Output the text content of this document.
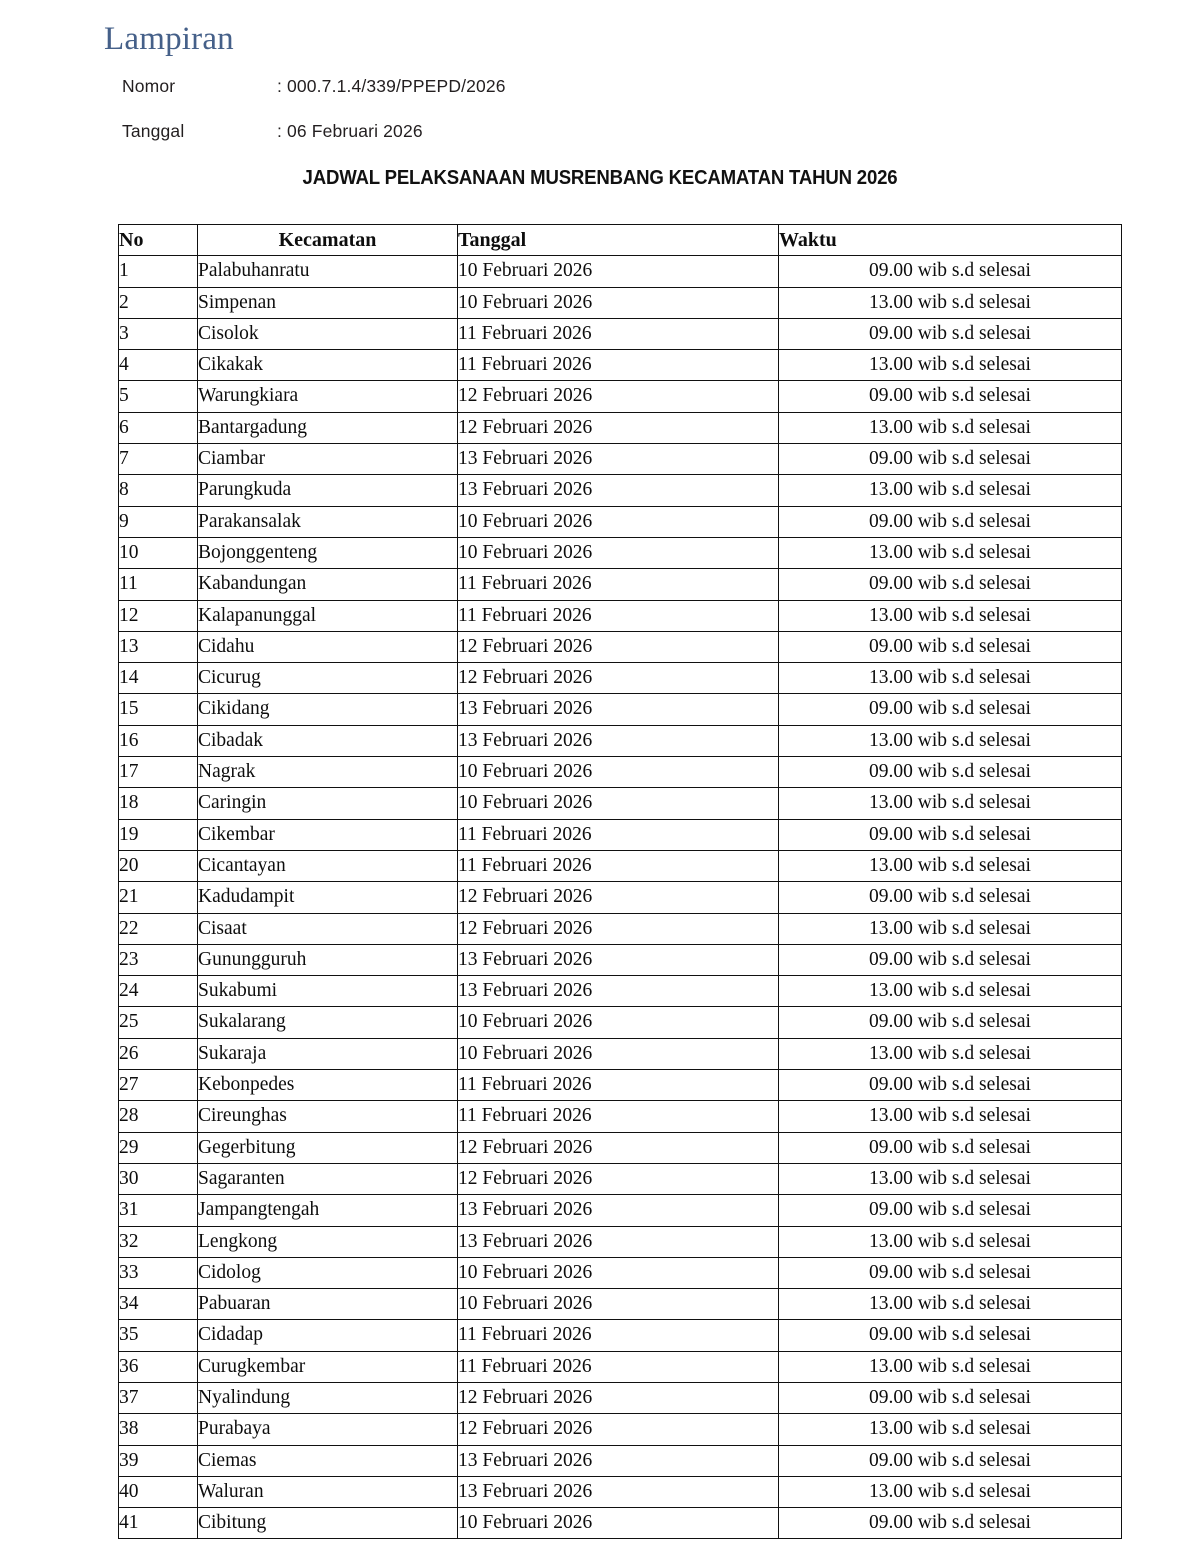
Lampiran
Nomor	: 000.7.1.4/339/PPEPD/2026
Tanggal	: 06 Februari 2026
JADWAL PELAKSANAAN MUSRENBANG KECAMATAN TAHUN 2026
No	Kecamatan	Tanggal	Waktu
1	Palabuhanratu	10 Februari 2026	09.00 wib s.d selesai
2	Simpenan	10 Februari 2026	13.00 wib s.d selesai
3	Cisolok	11 Februari 2026	09.00 wib s.d selesai
4	Cikakak	11 Februari 2026	13.00 wib s.d selesai
5	Warungkiara	12 Februari 2026	09.00 wib s.d selesai
6	Bantargadung	12 Februari 2026	13.00 wib s.d selesai
7	Ciambar	13 Februari 2026	09.00 wib s.d selesai
8	Parungkuda	13 Februari 2026	13.00 wib s.d selesai
9	Parakansalak	10 Februari 2026	09.00 wib s.d selesai
10	Bojonggenteng	10 Februari 2026	13.00 wib s.d selesai
11	Kabandungan	11 Februari 2026	09.00 wib s.d selesai
12	Kalapanunggal	11 Februari 2026	13.00 wib s.d selesai
13	Cidahu	12 Februari 2026	09.00 wib s.d selesai
14	Cicurug	12 Februari 2026	13.00 wib s.d selesai
15	Cikidang	13 Februari 2026	09.00 wib s.d selesai
16	Cibadak	13 Februari 2026	13.00 wib s.d selesai
17	Nagrak	10 Februari 2026	09.00 wib s.d selesai
18	Caringin	10 Februari 2026	13.00 wib s.d selesai
19	Cikembar	11 Februari 2026	09.00 wib s.d selesai
20	Cicantayan	11 Februari 2026	13.00 wib s.d selesai
21	Kadudampit	12 Februari 2026	09.00 wib s.d selesai
22	Cisaat	12 Februari 2026	13.00 wib s.d selesai
23	Gunungguruh	13 Februari 2026	09.00 wib s.d selesai
24	Sukabumi	13 Februari 2026	13.00 wib s.d selesai
25	Sukalarang	10 Februari 2026	09.00 wib s.d selesai
26	Sukaraja	10 Februari 2026	13.00 wib s.d selesai
27	Kebonpedes	11 Februari 2026	09.00 wib s.d selesai
28	Cireunghas	11 Februari 2026	13.00 wib s.d selesai
29	Gegerbitung	12 Februari 2026	09.00 wib s.d selesai
30	Sagaranten	12 Februari 2026	13.00 wib s.d selesai
31	Jampangtengah	13 Februari 2026	09.00 wib s.d selesai
32	Lengkong	13 Februari 2026	13.00 wib s.d selesai
33	Cidolog	10 Februari 2026	09.00 wib s.d selesai
34	Pabuaran	10 Februari 2026	13.00 wib s.d selesai
35	Cidadap	11 Februari 2026	09.00 wib s.d selesai
36	Curugkembar	11 Februari 2026	13.00 wib s.d selesai
37	Nyalindung	12 Februari 2026	09.00 wib s.d selesai
38	Purabaya	12 Februari 2026	13.00 wib s.d selesai
39	Ciemas	13 Februari 2026	09.00 wib s.d selesai
40	Waluran	13 Februari 2026	13.00 wib s.d selesai
41	Cibitung	10 Februari 2026	09.00 wib s.d selesai
